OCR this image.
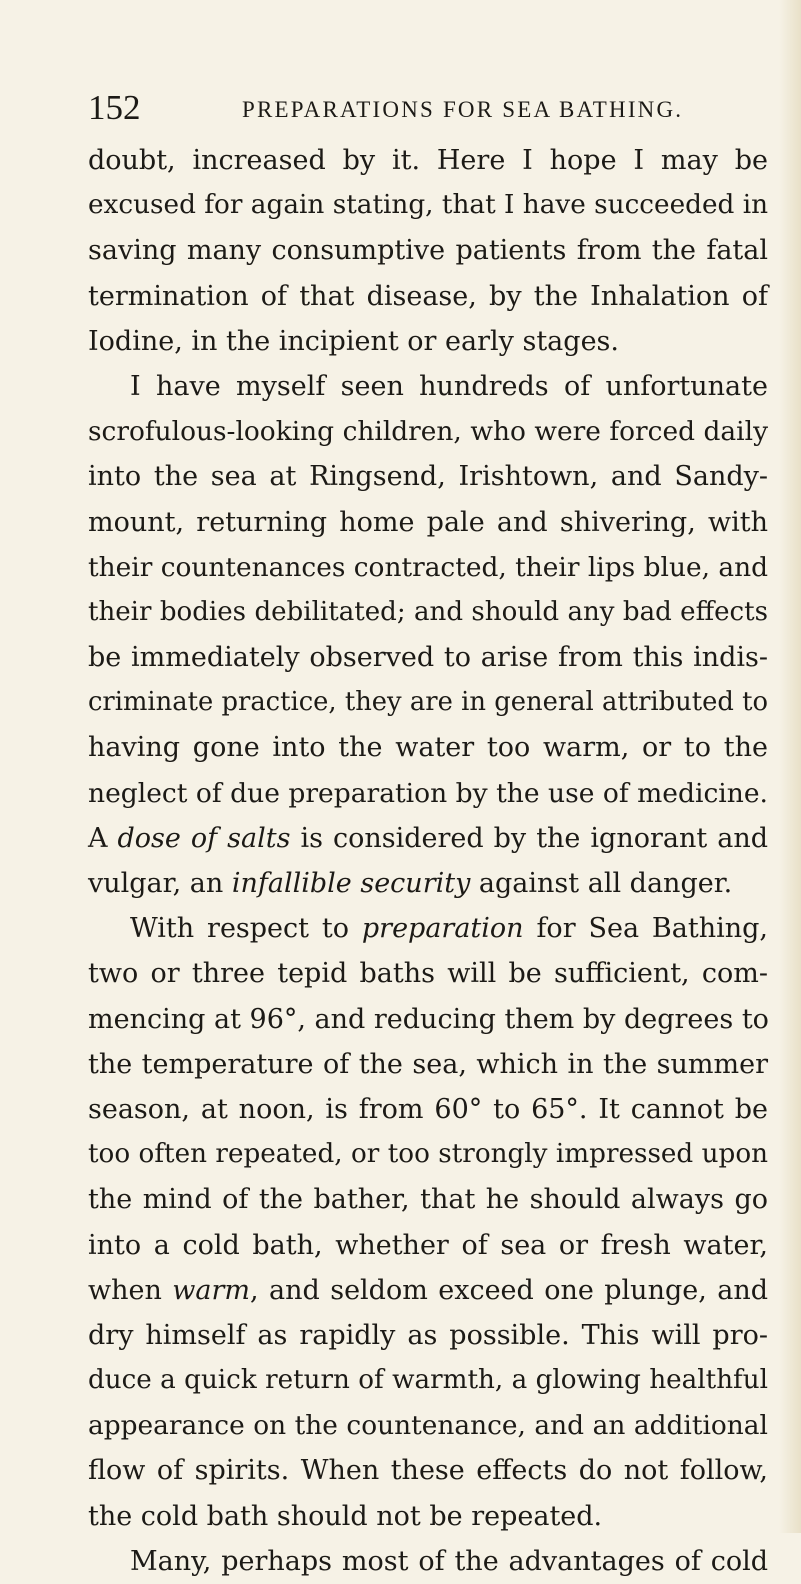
152	PREPARATIONS FOR SEA BATHING.
doubt, increased by it. Here I hope I may be
excused for again stating, that I have succeeded in
saving many consumptive patients from the fatal
termination of that disease, by the Inhalation of
Iodine, in the incipient or early stages.
I have myself seen hundreds of unfortunate
scrofulous-looking children, who were forced daily
into the sea at Ringsend, Irishtown, and Sandy-
mount, returning home pale and shivering, with
their countenances contracted, their lips blue, and
their bodies debilitated; and should any bad effects
be immediately observed to arise from this indis-
criminate practice, they are in general attributed to
having gone into the water too warm, or to the
neglect of due preparation by the use of medicine.
A dose of salts is considered by the ignorant and
vulgar, an infallible security against all danger.
With respect to preparation for Sea Bathing,
two or three tepid baths will be sufficient, com-
mencing at 96°, and reducing them by degrees to
the temperature of the sea, which in the summer
season, at noon, is from 60° to 65°. It cannot be
too often repeated, or too strongly impressed upon
the mind of the bather, that he should always go
into a cold bath, whether of sea or fresh water,
when warm, and seldom exceed one plunge, and
dry himself as rapidly as possible. This will pro-
duce a quick return of warmth, a glowing healthful
appearance on the countenance, and an additional
flow of spirits. When these effects do not follow,
the cold bath should not be repeated.
Many, perhaps most of the advantages of cold
